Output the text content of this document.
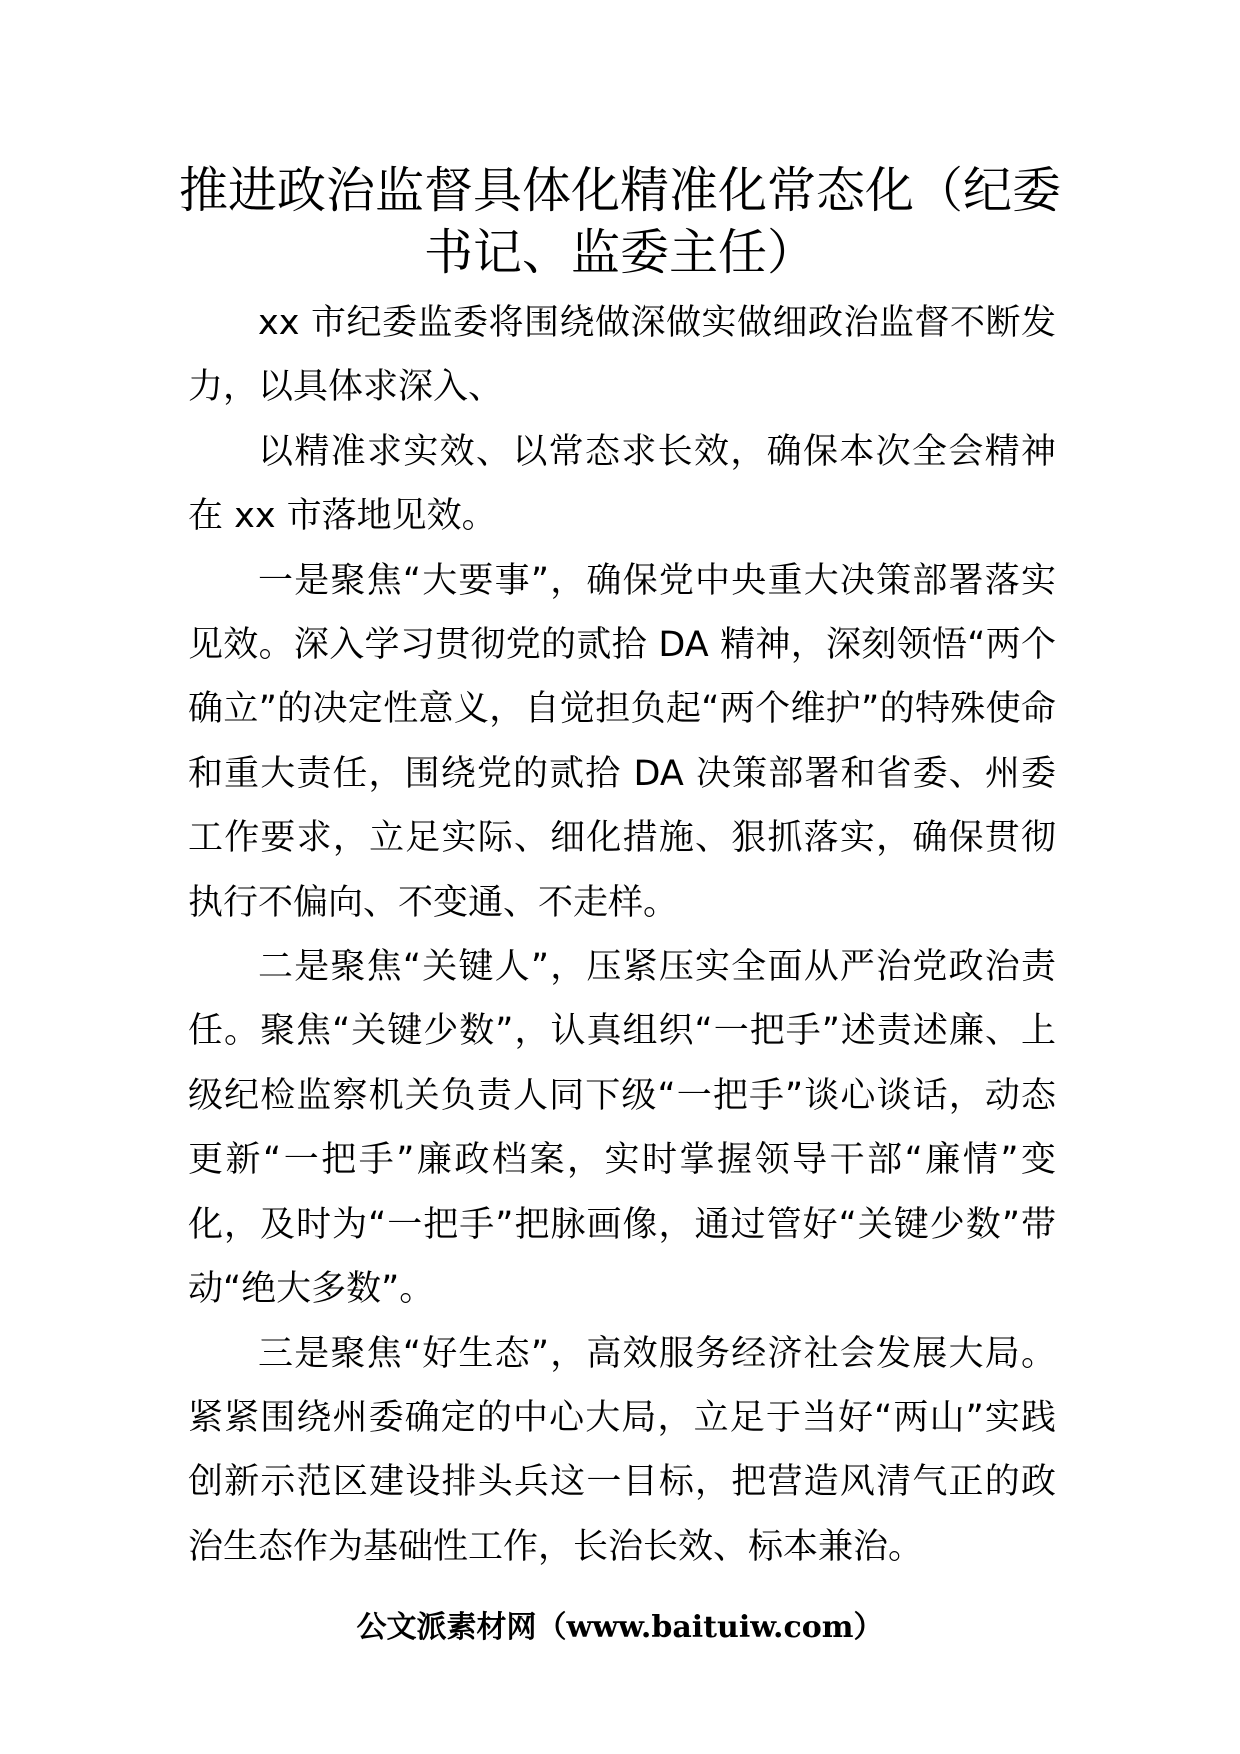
推进政治监督具体化精准化常态化（纪委书记、监委主任）

xx 市纪委监委将围绕做深做实做细政治监督不断发力，以具体求深入、

以精准求实效、以常态求长效，确保本次全会精神在 xx 市落地见效。

一是聚焦“大要事”，确保党中央重大决策部署落实见效。深入学习贯彻党的贰拾 DA 精神，深刻领悟“两个确立”的决定性意义，自觉担负起“两个维护”的特殊使命和重大责任，围绕党的贰拾 DA 决策部署和省委、州委工作要求，立足实际、细化措施、狠抓落实，确保贯彻执行不偏向、不变通、不走样。

二是聚焦“关键人”，压紧压实全面从严治党政治责任。聚焦“关键少数”，认真组织“一把手”述责述廉、上级纪检监察机关负责人同下级“一把手”谈心谈话，动态更新“一把手”廉政档案，实时掌握领导干部“廉情”变化，及时为“一把手”把脉画像，通过管好“关键少数”带动“绝大多数”。

三是聚焦“好生态”，高效服务经济社会发展大局。紧紧围绕州委确定的中心大局，立足于当好“两山”实践创新示范区建设排头兵这一目标，把营造风清气正的政治生态作为基础性工作，长治长效、标本兼治。

公文派素材网（www.baituiw.com）
